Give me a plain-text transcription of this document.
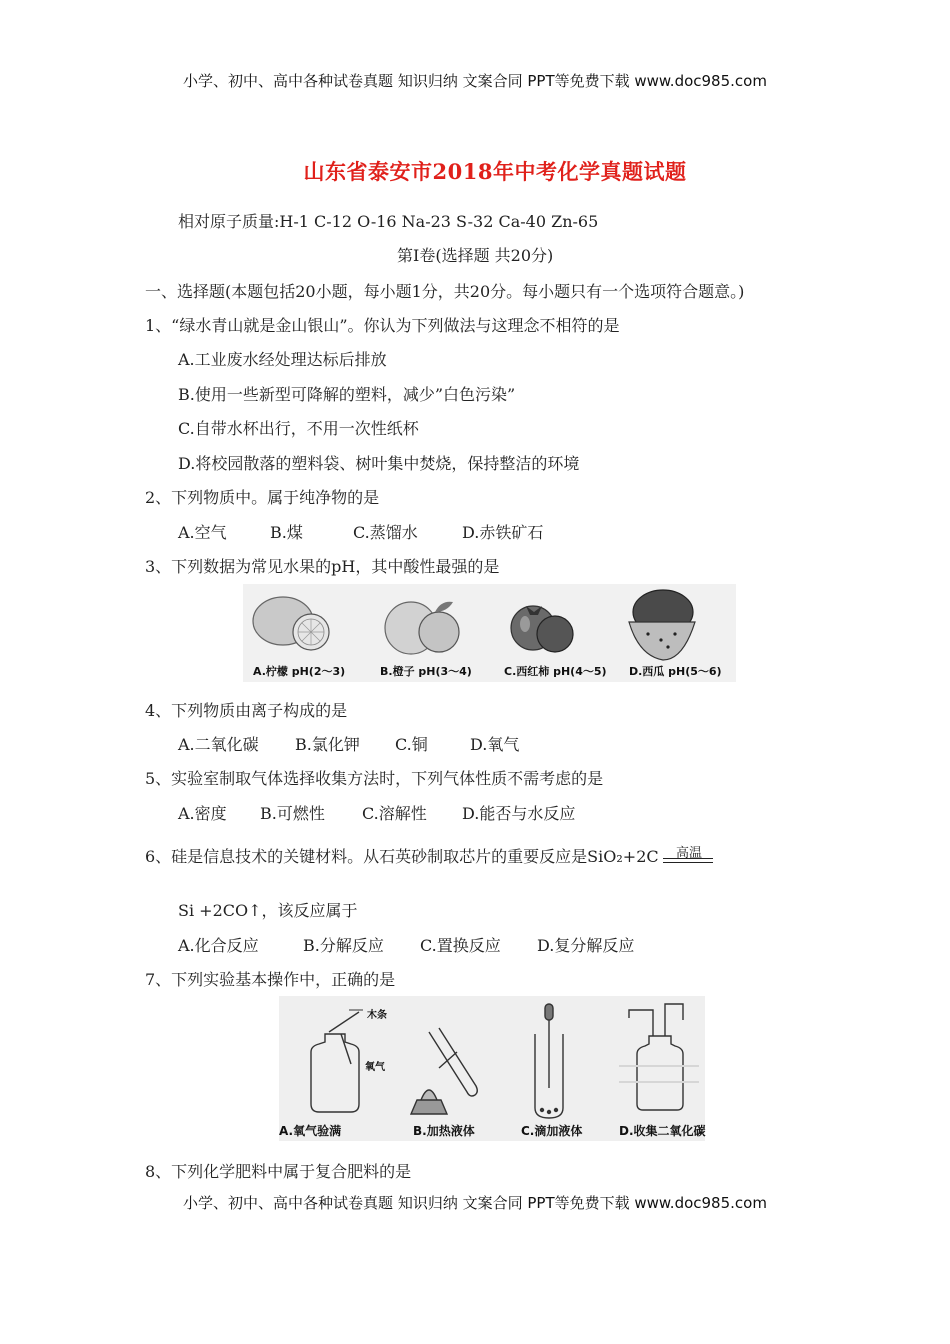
小学、初中、高中各种试卷真题 知识归纳 文案合同 PPT等免费下载 www.doc985.com
山东省泰安市2018年中考化学真题试题
相对原子质量:H-1 C-12 O-16 Na-23 S-32 Ca-40 Zn-65
第Ⅰ卷(选择题 共20分)
一、选择题(本题包括20小题，每小题1分，共20分。每小题只有一个选项符合题意。)
1、“绿水青山就是金山银山”。你认为下列做法与这理念不相符的是
A.工业废水经处理达标后排放
B.使用一些新型可降解的塑料，减少”白色污染”
C.自带水杯出行，不用一次性纸杯
D.将校园散落的塑料袋、树叶集中焚烧，保持整洁的环境
2、下列物质中。属于纯净物的是
A.空气	B.煤	C.蒸馏水	D.赤铁矿石
3、下列数据为常见水果的pH，其中酸性最强的是
A.柠檬 pH(2～3)	B.橙子 pH(3～4)	C.西红柿 pH(4～5) D.西瓜 pH(5～6)
4、下列物质由离子构成的是
A.二氧化碳 B.氯化钾 C.铜	D.氧气
5、实验室制取气体选择收集方法时，下列气体性质不需考虑的是
A.密度 B.可燃性 C.溶解性 D.能否与水反应
6、硅是信息技术的关键材料。从石英砂制取芯片的重要反应是SiO₂+2C 高温
Si +2CO↑，该反应属于
A.化合反应	B.分解反应 C.置换反应 D.复分解反应
7、下列实验基本操作中，正确的是
木条
氧气
A.氧气验满	B.加热液体	C.滴加液体	D.收集二氧化碳
8、下列化学肥料中属于复合肥料的是
小学、初中、高中各种试卷真题 知识归纳 文案合同 PPT等免费下载 www.doc985.com
